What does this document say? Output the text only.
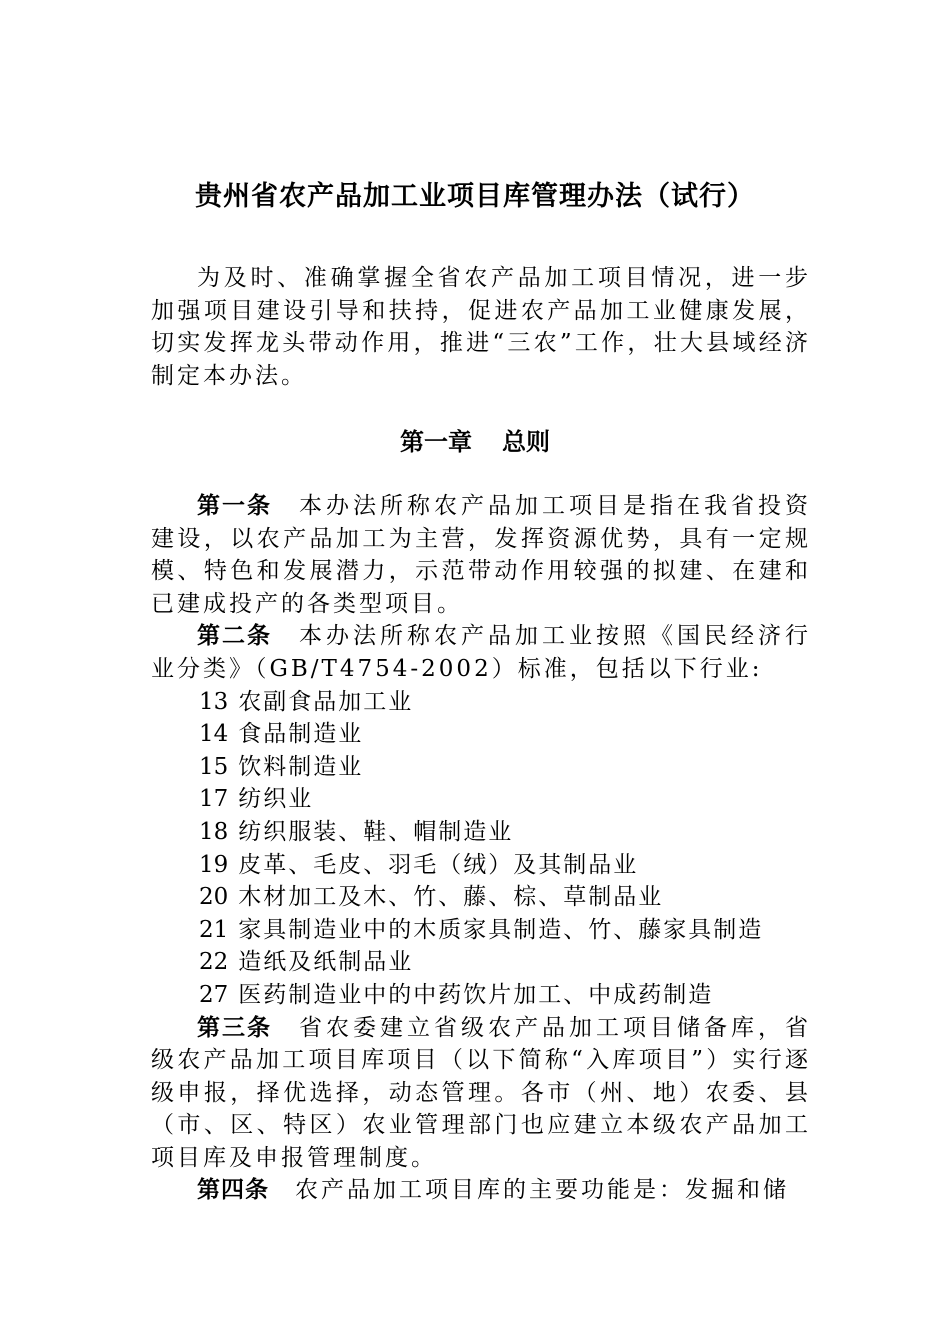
贵州省农产品加工业项目库管理办法（试行）

为及时、准确掌握全省农产品加工项目情况，进一步加强项目建设引导和扶持，促进农产品加工业健康发展，切实发挥龙头带动作用，推进“三农”工作，壮大县域经济制定本办法。

第一章 总则

第一条 本办法所称农产品加工项目是指在我省投资建设，以农产品加工为主营，发挥资源优势，具有一定规模、特色和发展潜力，示范带动作用较强的拟建、在建和已建成投产的各类型项目。

第二条 本办法所称农产品加工业按照《国民经济行业分类》（GB/T4754-2002）标准，包括以下行业:

13 农副食品加工业
14 食品制造业
15 饮料制造业
17 纺织业
18 纺织服装、鞋、帽制造业
19 皮革、毛皮、羽毛（绒）及其制品业
20 木材加工及木、竹、藤、棕、草制品业
21 家具制造业中的木质家具制造、竹、藤家具制造
22 造纸及纸制品业
27 医药制造业中的中药饮片加工、中成药制造

第三条 省农委建立省级农产品加工项目储备库，省级农产品加工项目库项目（以下简称“入库项目”）实行逐级申报，择优选择，动态管理。各市（州、地）农委、县（市、区、特区）农业管理部门也应建立本级农产品加工项目库及申报管理制度。

第四条 农产品加工项目库的主要功能是：发掘和储
